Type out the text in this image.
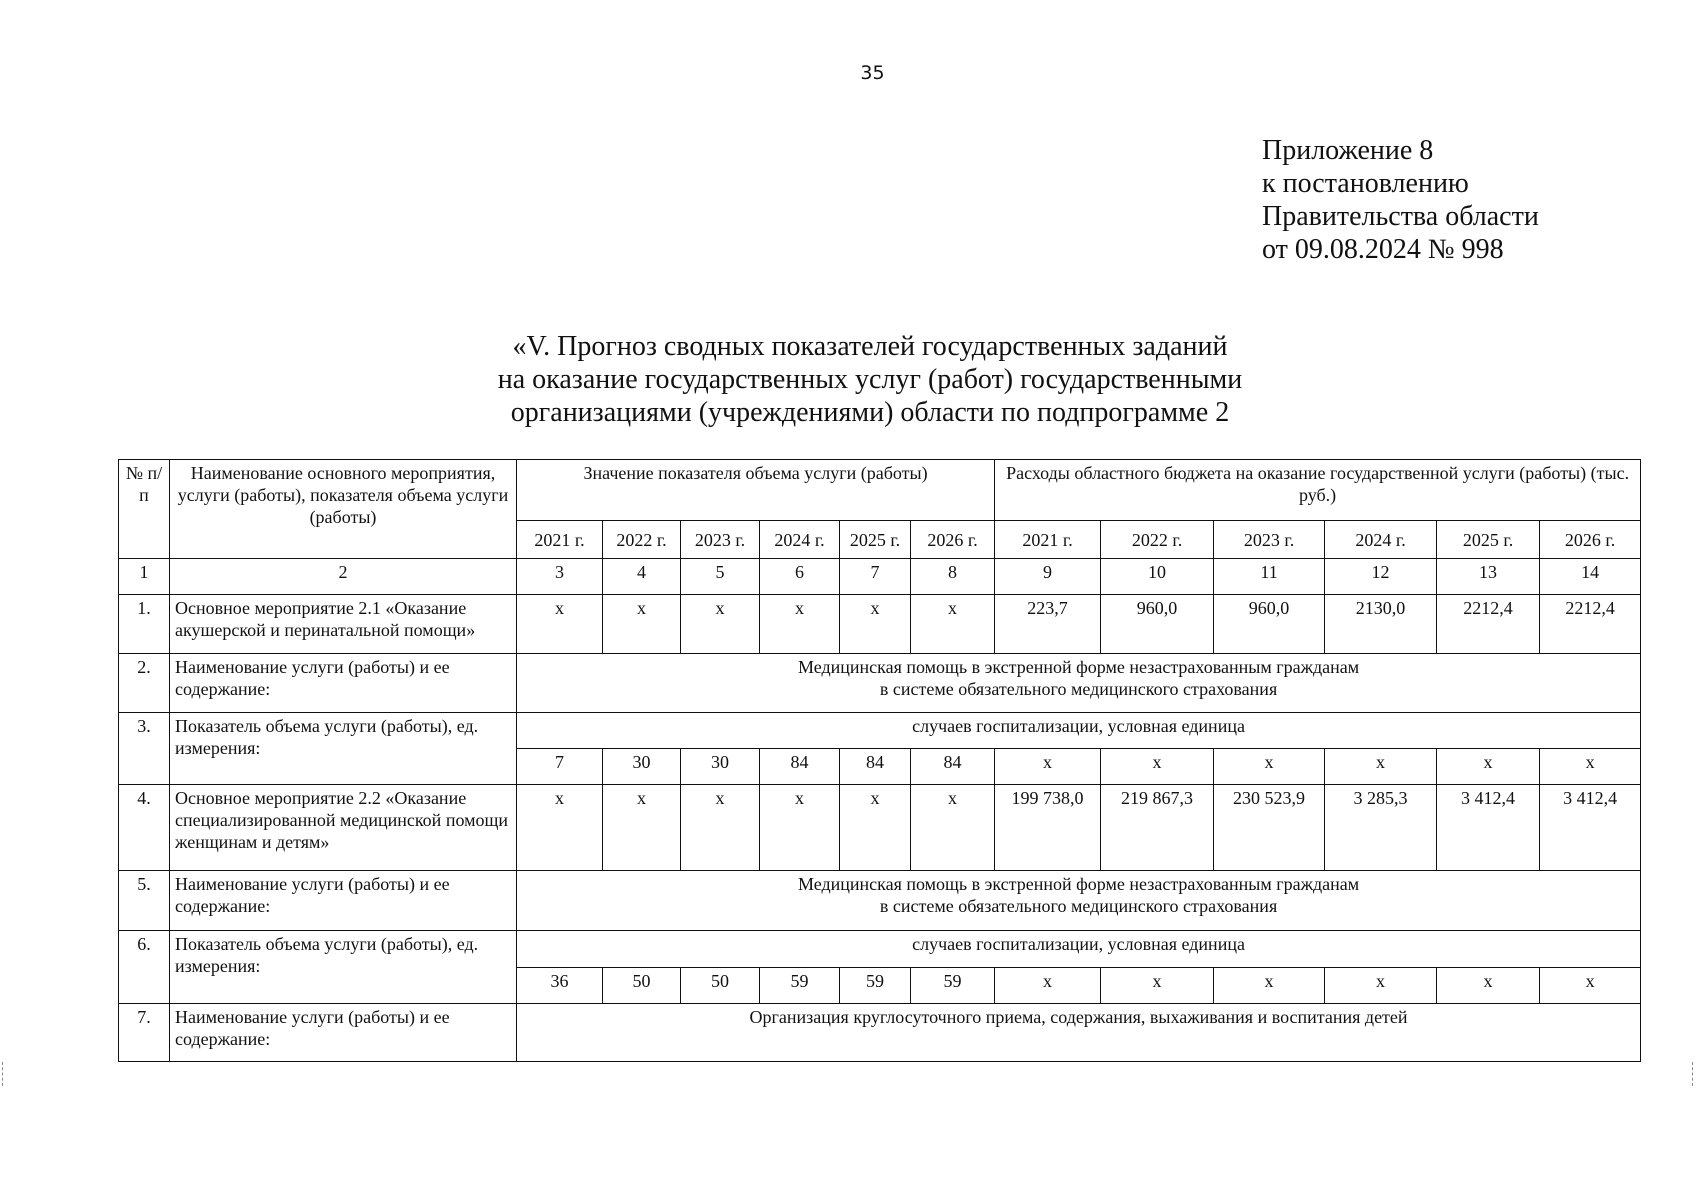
35
Приложение 8
к постановлению
Правительства области
от 09.08.2024 № 998
«V. Прогноз сводных показателей государственных заданий
на оказание государственных услуг (работ) государственными
организациями (учреждениями) области по подпрограмме 2
№ п/п	Наименование основного мероприятия, услуги (работы), показателя объема услуги (работы)	Значение показателя объема услуги (работы)						Расходы областного бюджета на оказание государственной услуги (работы) (тыс. руб.)					
		2021 г.	2022 г.	2023 г.	2024 г.	2025 г.	2026 г.	2021 г.	2022 г.	2023 г.	2024 г.	2025 г.	2026 г.
1	2	3	4	5	6	7	8	9	10	11	12	13	14
1.	Основное мероприятие 2.1 «Оказание акушерской и перинатальной помощи»	х	х	х	х	х	х	223,7	960,0	960,0	2130,0	2212,4	2212,4
2.	Наименование услуги (работы) и ее содержание:	Медицинская помощь в экстренной форме незастрахованным гражданам
в системе обязательного медицинского страхования											

3.	Показатель объема услуги (работы), ед. измерения:	случаев госпитализации, условная единица											
		7	30	30	84	84	84	х	х	х	х	х	х
4.	Основное мероприятие 2.2 «Оказание специализированной медицинской помощи женщинам и детям»	х	х	х	х	х	х	199 738,0	219 867,3	230 523,9	3 285,3	3 412,4	3 412,4
5.	Наименование услуги (работы) и ее содержание:	Медицинская помощь в экстренной форме незастрахованным гражданам
в системе обязательного медицинского страхования											

6.	Показатель объема услуги (работы), ед. измерения:	случаев госпитализации, условная единица											
		36	50	50	59	59	59	х	х	х	х	х	х
7.	Наименование услуги (работы) и ее содержание:	Организация круглосуточного приема, содержания, выхаживания и воспитания детей											
